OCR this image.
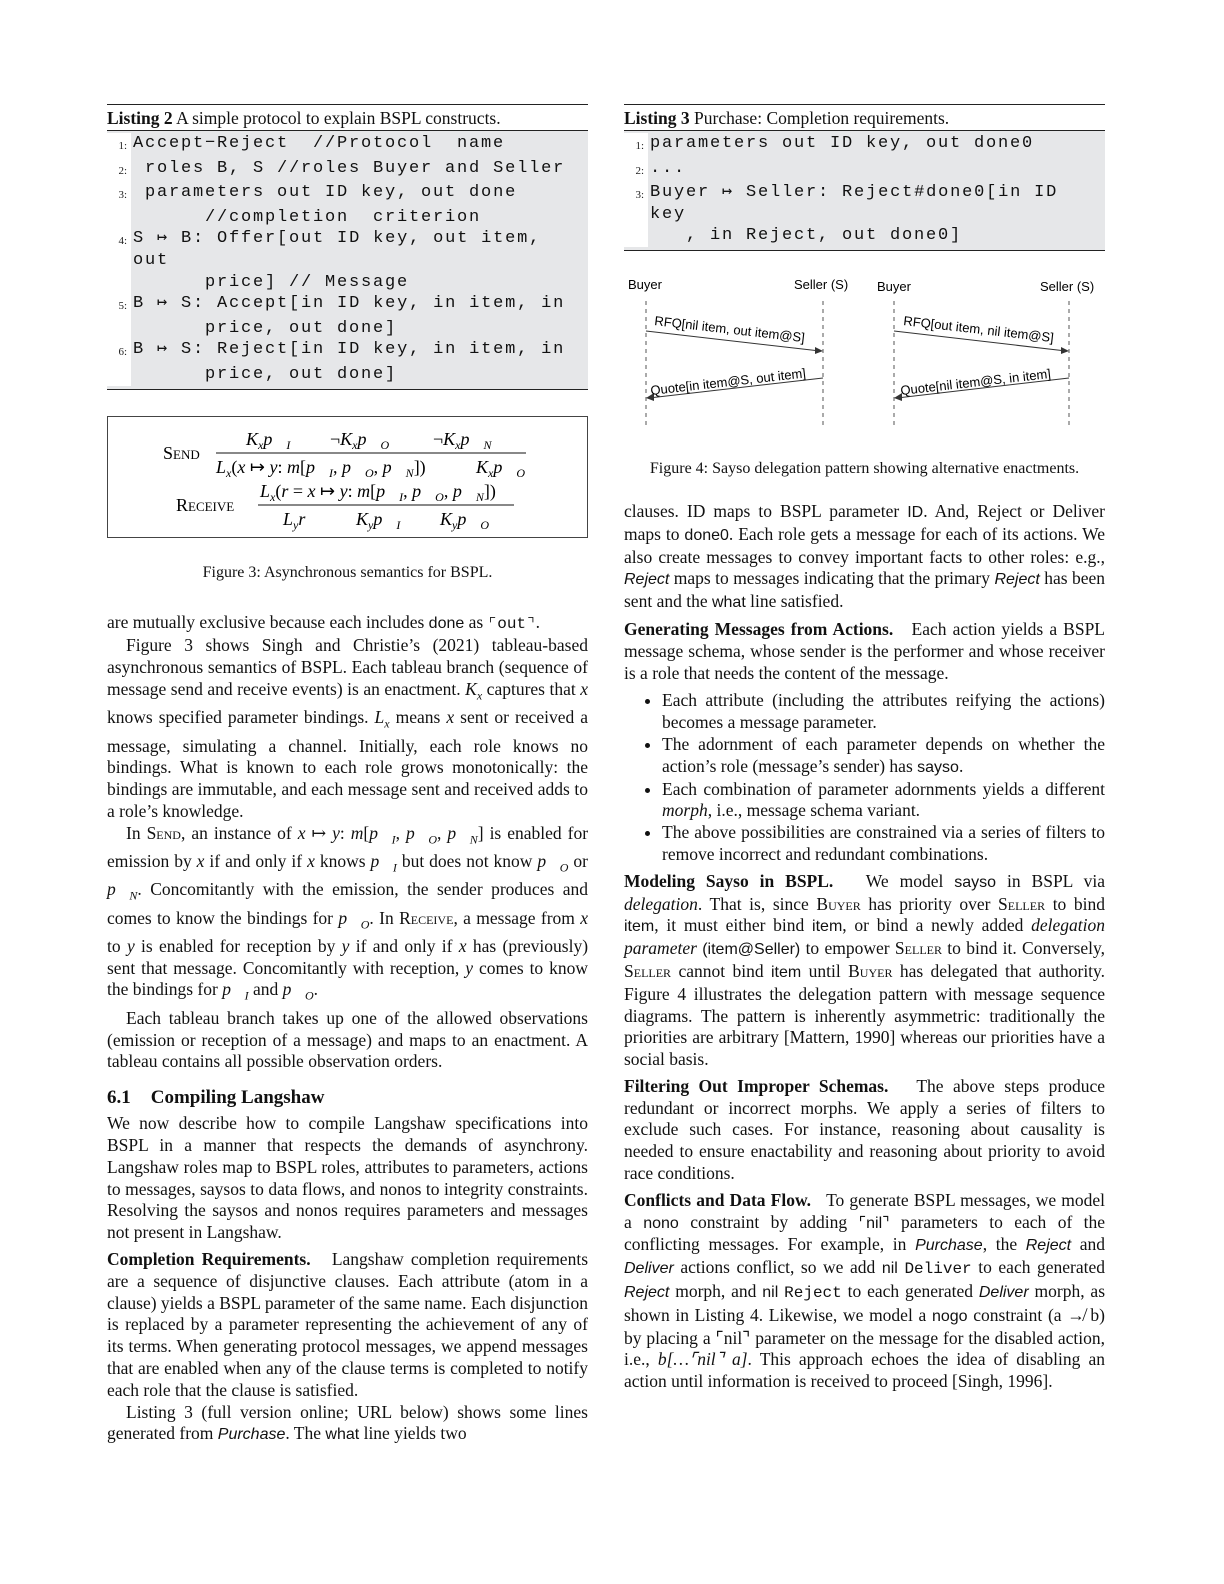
Listing 2 A simple protocol to explain BSPL constructs.
1: Accept−Reject  //Protocol  name
2: roles B, S //roles Buyer and Seller
3: parameters out ID key, out done
//completion  criterion
4: S ↦ B: Offer[out ID key, out item, out
price] // Message
5: B ↦ S: Accept[in ID key, in item, in
price, out done]
6: B ↦ S: Reject[in ID key, in item, in
price, out done]
Send
$K_xp⃗_I$ $\neg K_xp⃗_O$ $\neg K_xp⃗_N$
$L_x(x$ ↦ y: $m[p⃗_I$, $p⃗_O$, $p⃗_N$])	$K_xp⃗_O$
Receive
$L_x(r = x$ ↦ y: $m[p⃗_I$, $p⃗_O$, $p⃗_N$])
$L_yr$	$K_yp⃗_I$ $K_yp⃗_O$

Figure 3: Asynchronous semantics for BSPL.

are mutually exclusive because each includes done as ⌜out⌝.

Figure 3 shows Singh and Christie’s (2021) tableau-based asynchronous semantics of BSPL. Each tableau branch (sequence of message send and receive events) is an enactment. $K_x$ captures that x knows specified parameter bindings. $L_x$ means x sent or received a message, simulating a channel. Initially, each role knows no bindings. What is known to each role grows monotonically: the bindings are immutable, and each message sent and received adds to a role’s knowledge.

In Send, an instance of x ↦ y: $m[p⃗_I$, $p⃗_O$, $p⃗_N$] is enabled for emission by x if and only if x knows $p⃗_I$ but does not know $p⃗_O$ or $p⃗_N$. Concomitantly with the emission, the sender produces and comes to know the bindings for $p⃗_O$. In Receive, a message from x to y is enabled for reception by y if and only if x has (previously) sent that message. Concomitantly with reception, y comes to know the bindings for $p⃗_I$ and $p⃗_O$.

Each tableau branch takes up one of the allowed observations (emission or reception of a message) and maps to an enactment. A tableau contains all possible observation orders.

6.1 Compiling Langshaw

We now describe how to compile Langshaw specifications into BSPL in a manner that respects the demands of asynchrony. Langshaw roles map to BSPL roles, attributes to parameters, actions to messages, saysos to data flows, and nonos to integrity constraints. Resolving the saysos and nonos requires parameters and messages not present in Langshaw.

Completion Requirements. Langshaw completion requirements are a sequence of disjunctive clauses. Each attribute (atom in a clause) yields a BSPL parameter of the same name. Each disjunction is replaced by a parameter representing the achievement of any of its terms. When generating protocol messages, we append messages that are enabled when any of the clause terms is completed to notify each role that the clause is satisfied.

Listing 3 (full version online; URL below) shows some lines generated from Purchase. The what line yields two

Listing 3 Purchase: Completion requirements.
1: parameters out ID key, out done0
2: ...
3: Buyer ↦ Seller: Reject#done0[in ID key
, in Reject, out done0]
Buyer	Seller (S)
RFQ[nil item, out item@S]
Quote[in item@S, out item]
Buyer	Seller (S)
RFQ[out item, nil item@S]
Quote[nil item@S, in item]

Figure 4: Sayso delegation pattern showing alternative enactments.

clauses. ID maps to BSPL parameter ID. And, Reject or Deliver maps to done0. Each role gets a message for each of its actions. We also create messages to convey important facts to other roles: e.g., Reject maps to messages indicating that the primary Reject has been sent and the what line satisfied.

Generating Messages from Actions. Each action yields a BSPL message schema, whose sender is the performer and whose receiver is a role that needs the content of the message.

• Each attribute (including the attributes reifying the actions) becomes a message parameter.
• The adornment of each parameter depends on whether the action’s role (message’s sender) has sayso.
• Each combination of parameter adornments yields a different morph, i.e., message schema variant.
• The above possibilities are constrained via a series of filters to remove incorrect and redundant combinations.

Modeling Sayso in BSPL. We model sayso in BSPL via delegation. That is, since Buyer has priority over Seller to bind item, it must either bind item, or bind a newly added delegation parameter (item@Seller) to empower Seller to bind it. Conversely, Seller cannot bind item until Buyer has delegated that authority. Figure 4 illustrates the delegation pattern with message sequence diagrams. The pattern is inherently asymmetric: traditionally the priorities are arbitrary [Mattern, 1990] whereas our priorities have a social basis.

Filtering Out Improper Schemas. The above steps produce redundant or incorrect morphs. We apply a series of filters to exclude such cases. For instance, reasoning about causality is needed to ensure enactability and reasoning about priority to avoid race conditions.

Conflicts and Data Flow. To generate BSPL messages, we model a nono constraint by adding ⌜nil⌝ parameters to each of the conflicting messages. For example, in Purchase, the Reject and Deliver actions conflict, so we add nil Deliver to each generated Reject morph, and nil Reject to each generated Deliver morph, as shown in Listing 4. Likewise, we model a nogo constraint (a ↛ b) by placing a ⌜nil⌝ parameter on the message for the disabled action, i.e., b[…⌜nil⌝ a]. This approach echoes the idea of disabling an action until information is received to proceed [Singh, 1996].
